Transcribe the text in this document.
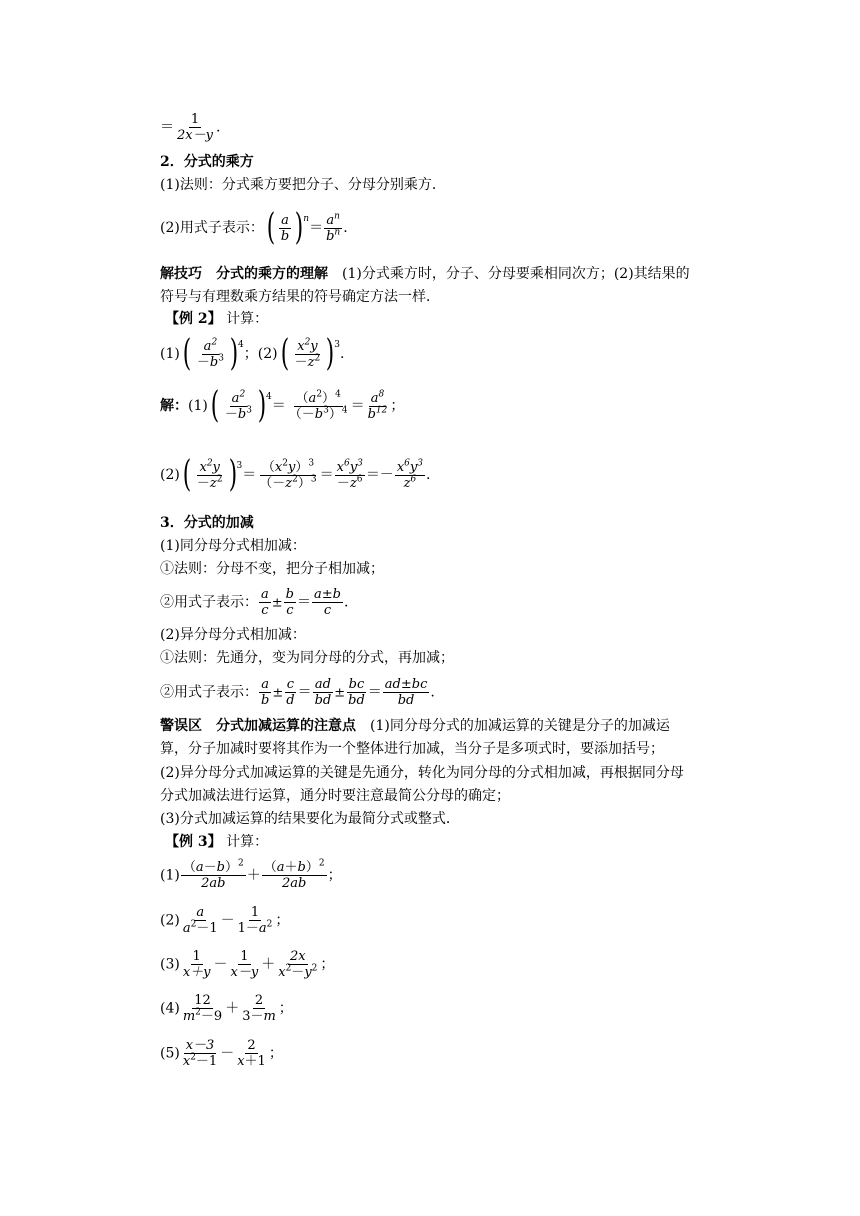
＝ $\frac{1}{2x-y}$ .
2．分式的乘方
(1)法则：分式乘方要把分子、分母分别乘方．
(2)用式子表示： ( $\frac{a}{b}$ ) n
＝ $\frac{a^n}{b^n}$ .
解技巧　分式的乘方的理解　 (1)分式乘方时，分子、分母要乘相同次方；(2)其结果的
符号与有理数乘方结果的符号确定方法一样．
【例 2】 计算：
(1) ( $\frac{a^2}{-b^3}$ ) 4
；(2) ( $\frac{x^2y}{-z^2}$ ) 3
.
解：(1) ( $\frac{a^2}{-b^3}$ ) 4
＝ $\frac{(a^2)^4}{(-b^3)^4} = \frac{a^8}{b^{12}}$ ；
(2) ( $\frac{x^2y}{-z^2}$ ) 3
＝ $\frac{(x^2y)^3}{(-z^2)^3} = \frac{x^6y^3}{-z^6} =- \frac{x^6y^3}{z^6}$ .
3．分式的加减
(1)同分母分式相加减：
①法则：分母不变，把分子相加减；
②用式子表示： $\frac{a}{c} \pm \frac{b}{c} = \frac{a\pm b}{c}$ .
(2)异分母分式相加减：
①法则：先通分，变为同分母的分式，再加减；
②用式子表示： $\frac{a}{b} \pm \frac{c}{d} = \frac{ad}{bd} \pm \frac{bc}{bd} = \frac{ad\pm bc}{bd}$ .
警误区　分式加减运算的注意点　 (1)同分母分式的加减运算的关键是分子的加减运
算，分子加减时要将其作为一个整体进行加减，当分子是多项式时，要添加括号；
(2)异分母分式加减运算的关键是先通分，转化为同分母的分式相加减，再根据同分母
分式加减法进行运算，通分时要注意最简公分母的确定；
(3)分式加减运算的结果要化为最简分式或整式．
【例 3】 计算：
$(1) \frac{(a-b)^2}{2ab} + \frac{(a+b)^2}{2ab}$ ；
$(2) \frac{a}{a^2-1} - \frac{1}{1-a^2}$ ；
$(3) \frac{1}{x+y} - \frac{1}{x-y} + \frac{2x}{x^2-y^2}$ ；
$(4) \frac{12}{m^2-9} + \frac{2}{3-m}$ ；
$(5) \frac{x-3}{x^2-1} - \frac{2}{x+1}$ ；
